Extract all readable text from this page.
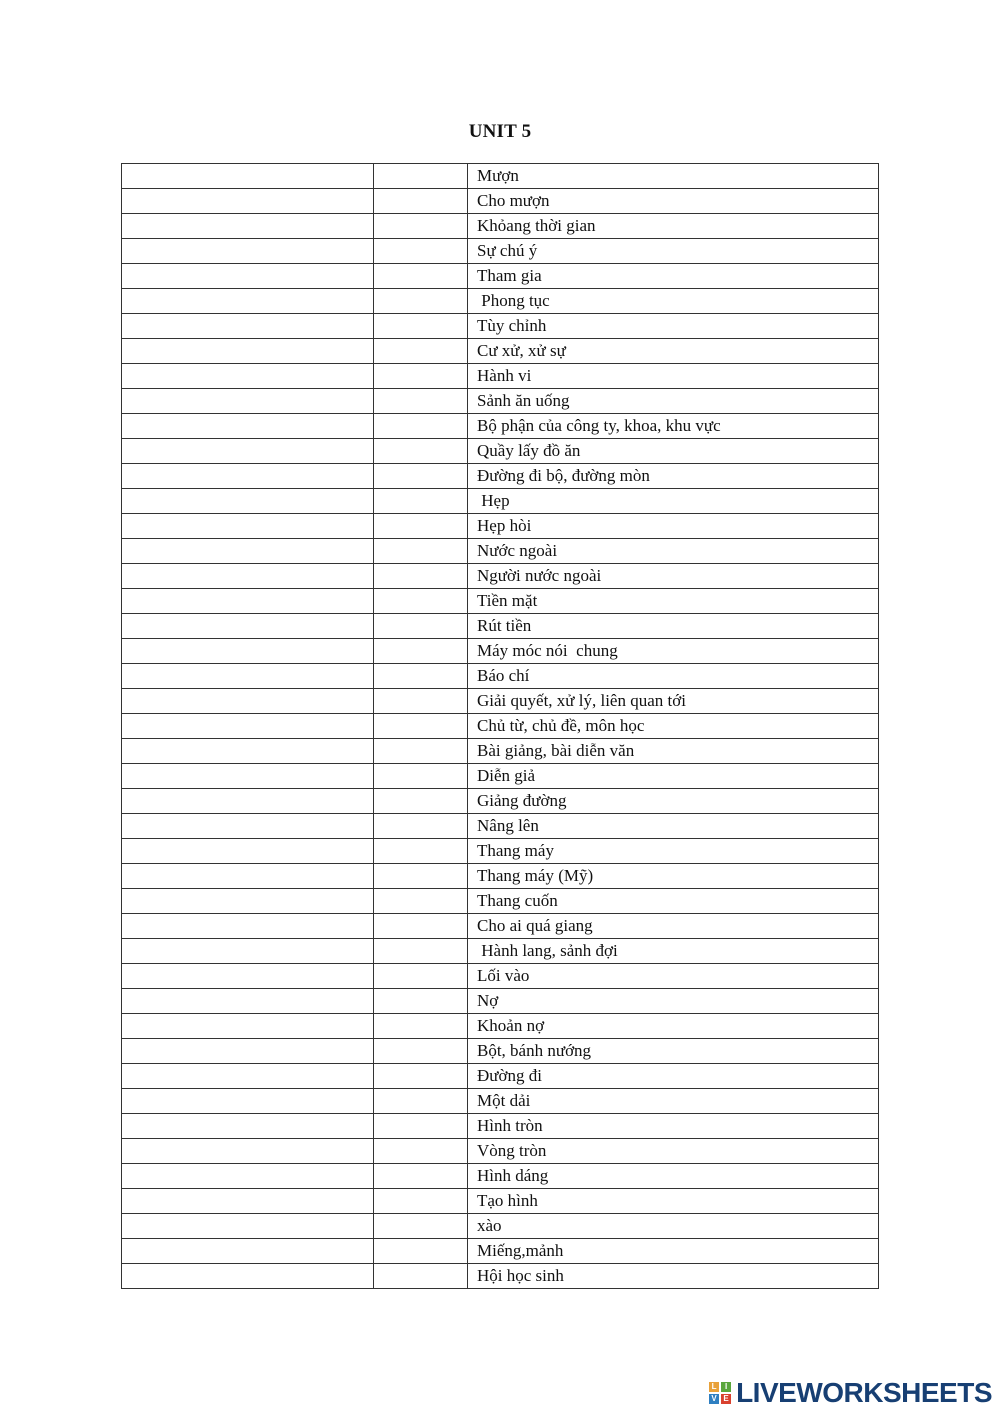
UNIT 5
		Mượn
		Cho mượn
		Khỏang thời gian
		Sự chú ý
		Tham gia
		Phong tục
		Tùy chỉnh
		Cư xử, xử sự
		Hành vi
		Sảnh ăn uống
		Bộ phận của công ty, khoa, khu vực
		Quầy lấy đồ ăn
		Đường đi bộ, đường mòn
		Hẹp
		Hẹp hòi
		Nước ngoài
		Người nước ngoài
		Tiền mặt
		Rút tiền
		Máy móc nói  chung
		Báo chí
		Giải quyết, xử lý, liên quan tới
		Chủ từ, chủ đề, môn học
		Bài giảng, bài diễn văn
		Diễn giả
		Giảng đường
		Nâng lên
		Thang máy
		Thang máy (Mỹ)
		Thang cuốn
		Cho ai quá giang
		Hành lang, sảnh đợi
		Lối vào
		Nợ
		Khoản nợ
		Bột, bánh nướng
		Đường đi
		Một dải
		Hình tròn
		Vòng tròn
		Hình dáng
		Tạo hình
		xào
		Miếng,mảnh
		Hội học sinh
L	I
V E LIVEWORKSHEETS
